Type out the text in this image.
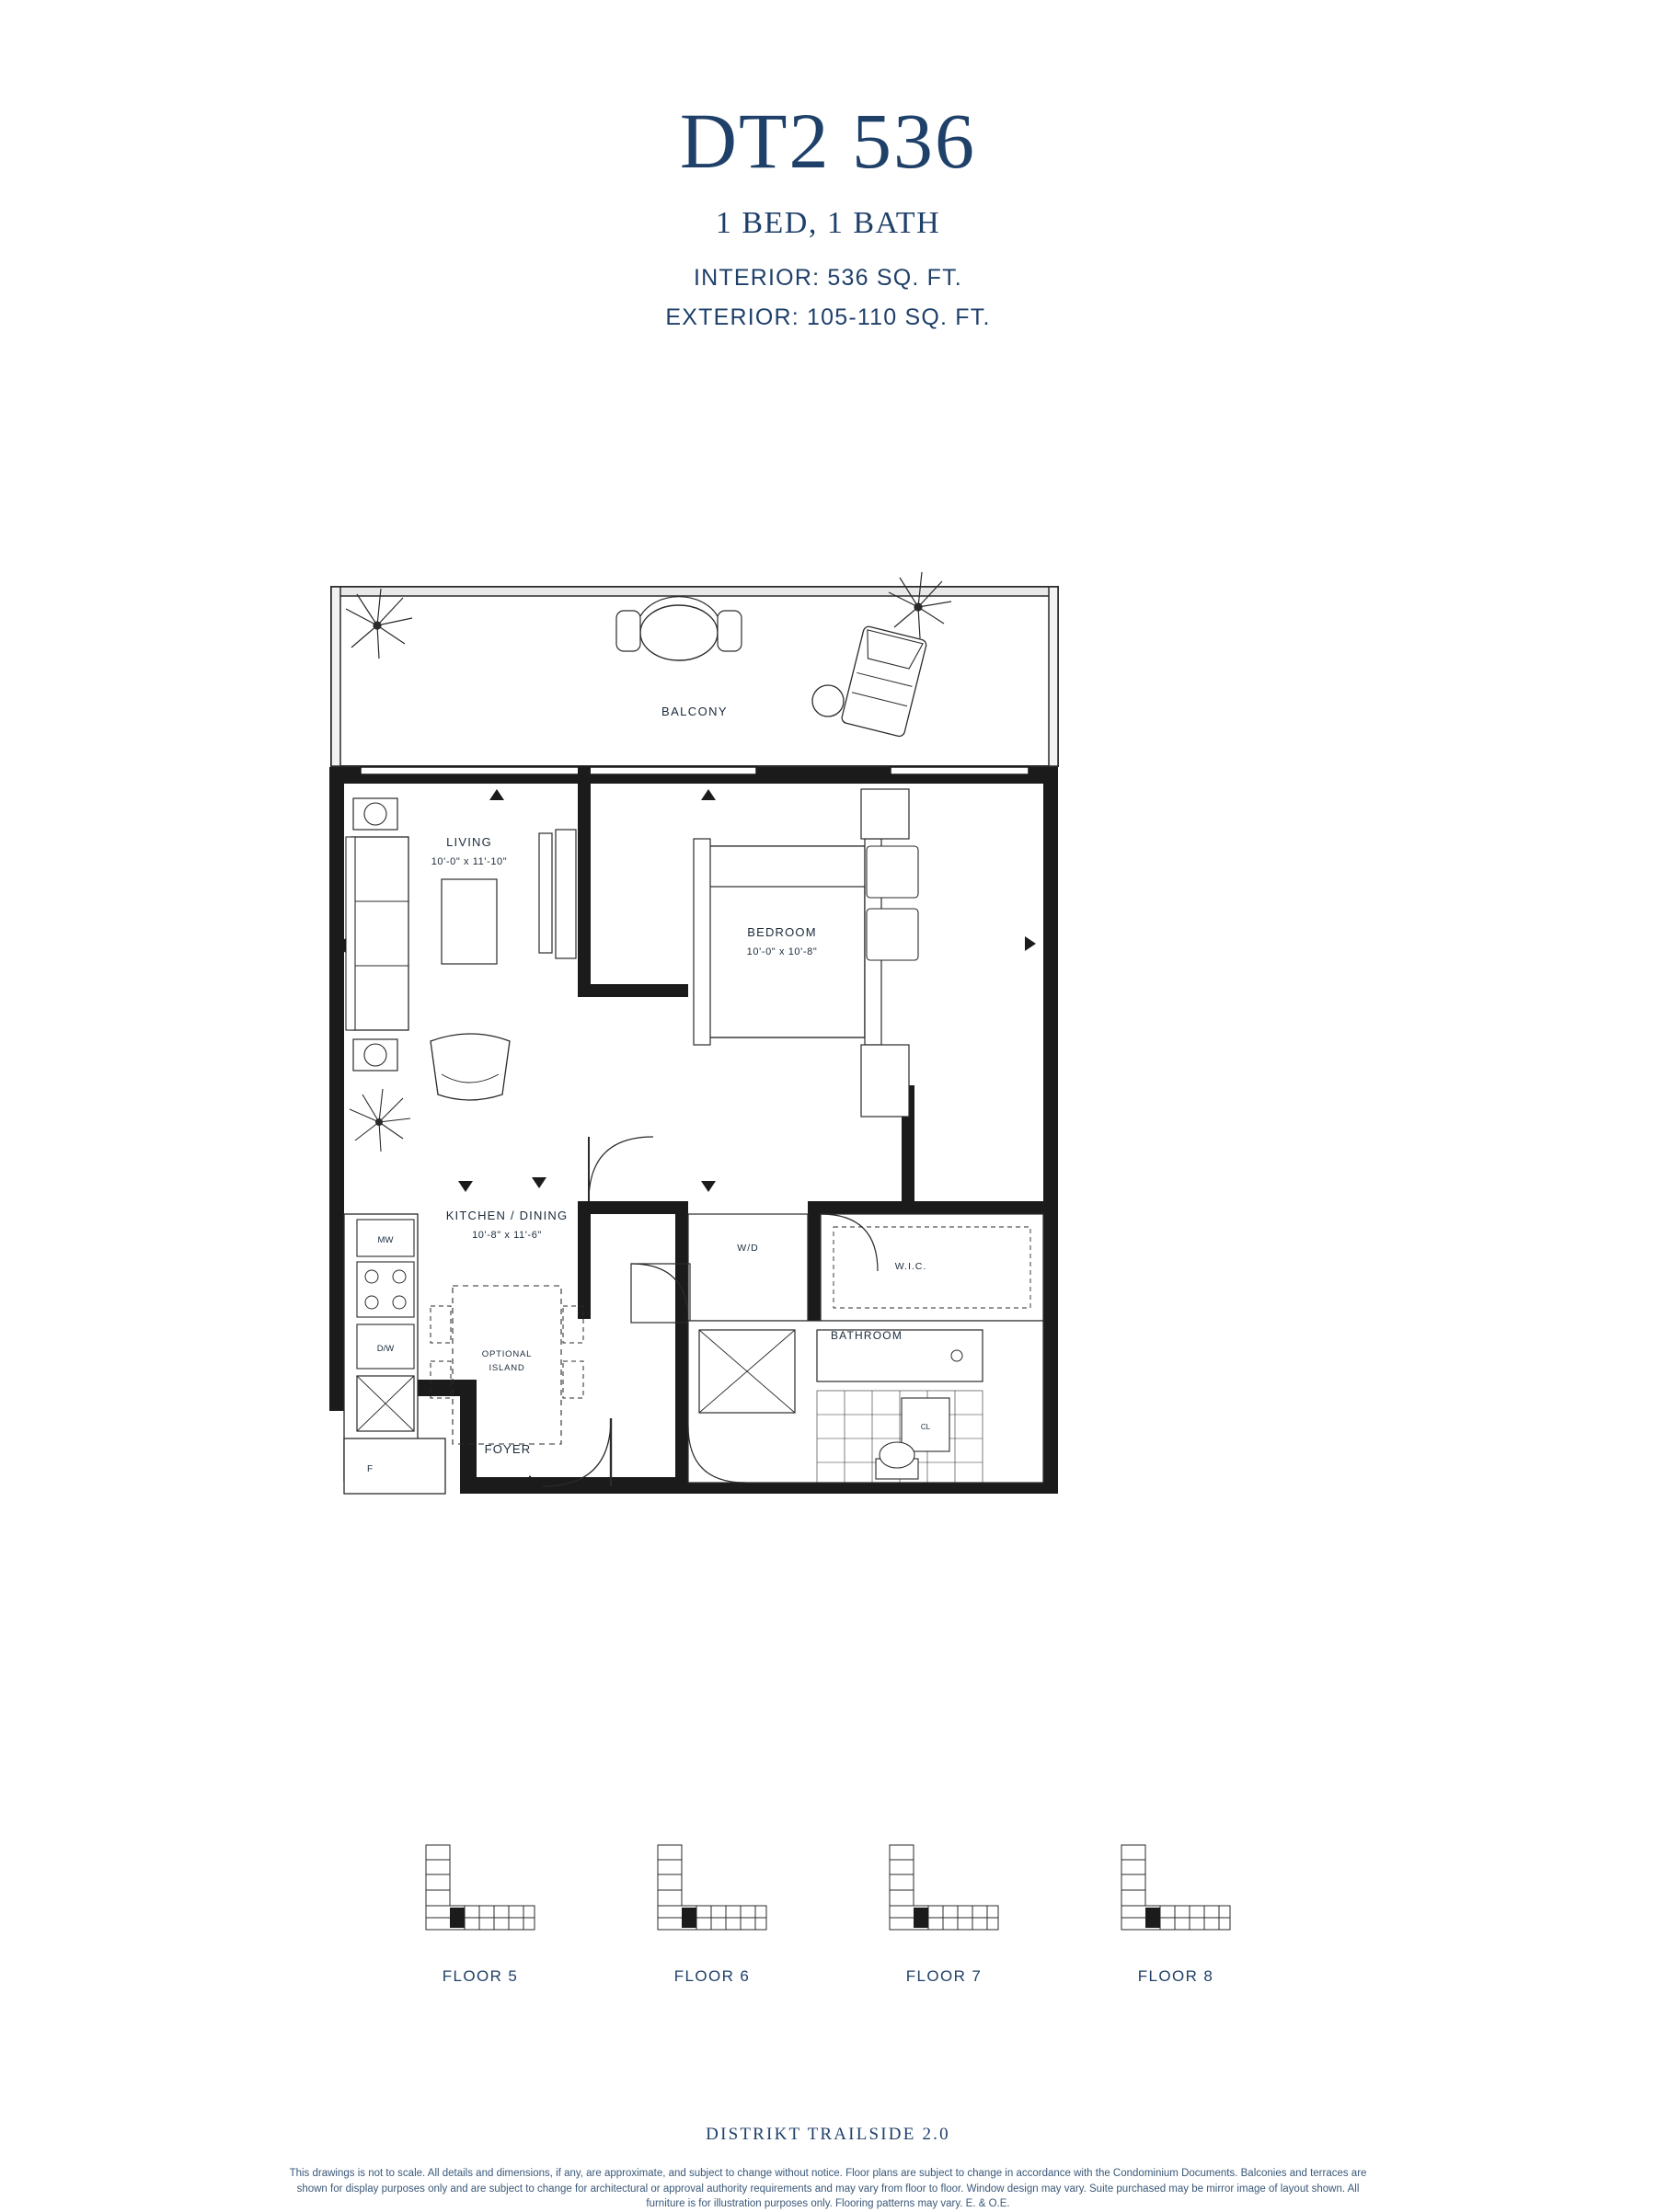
DT2 536
1 BED, 1 BATH
INTERIOR: 536 SQ. FT.
EXTERIOR: 105-110 SQ. FT.
BALCONY
LIVING
10'-0" x 11'-10"
BEDROOM
10'-0" x 10'-8"
MW
D/W
F
OPTIONAL
ISLAND
KITCHEN / DINING
10'-8" x 11'-6"
FOYER
W/D
W.I.C.
CL
BATHROOM
FLOOR 5	FLOOR 6	FLOOR 7	FLOOR 8
DISTRIKT TRAILSIDE 2.0
This drawings is not to scale. All details and dimensions, if any, are approximate, and subject to change without notice. Floor plans are subject to change in accordance with the Condominium Documents. Balconies and terraces are shown for display purposes only and are subject to change for architectural or approval authority requirements and may vary from floor to floor. Window design may vary. Suite purchased may be mirror image of layout shown. All furniture is for illustration purposes only. Flooring patterns may vary. E. & O.E.
